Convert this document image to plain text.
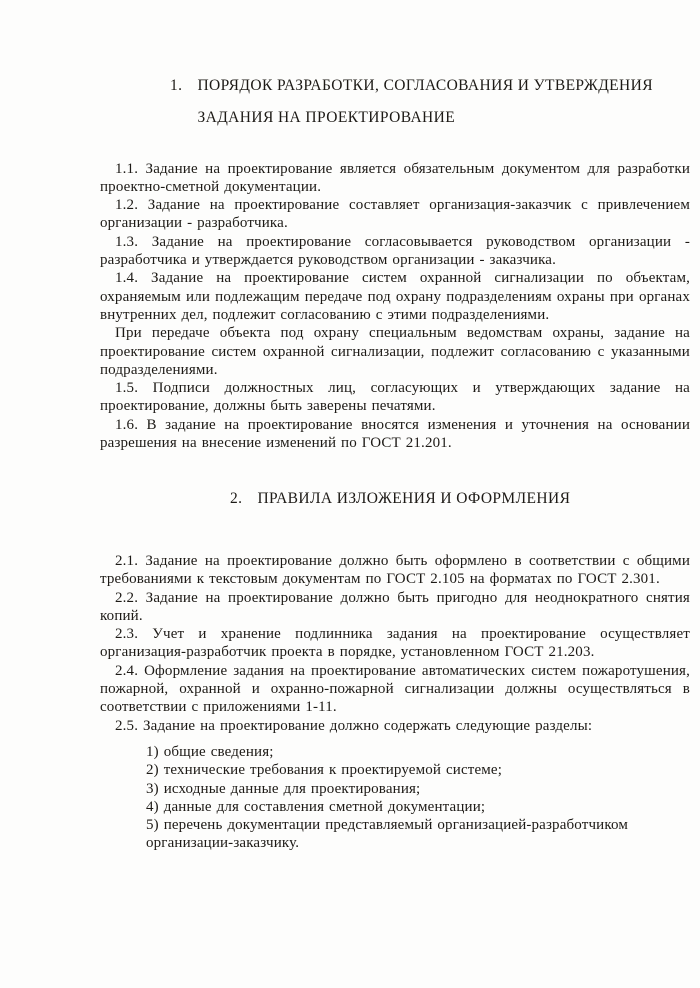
1. ПОРЯДОК РАЗРАБОТКИ, СОГЛАСОВАНИЯ И УТВЕРЖДЕНИЯ
ЗАДАНИЯ НА ПРОЕКТИРОВАНИЕ

1.1. Задание на проектирование является обязательным документом для разработки проектно-сметной документации.

1.2. Задание на проектирование составляет организация-заказчик с привлечением организации - разработчика.

1.3. Задание на проектирование согласовывается руководством организации - разработчика и утверждается руководством организации - заказчика.

1.4. Задание на проектирование систем охранной сигнализации по объектам, охраняемым или подлежащим передаче под охрану подразделениям охраны при органах внутренних дел, подлежит согласованию с этими подразделениями.

При передаче объекта под охрану специальным ведомствам охраны, задание на проектирование систем охранной сигнализации, подлежит согласованию с указанными подразделениями.

1.5. Подписи должностных лиц, согласующих и утверждающих задание на проектирование, должны быть заверены печатями.

1.6. В задание на проектирование вносятся изменения и уточнения на основании разрешения на внесение изменений по ГОСТ 21.201.

2. ПРАВИЛА ИЗЛОЖЕНИЯ И ОФОРМЛЕНИЯ

2.1. Задание на проектирование должно быть оформлено в соответствии с общими требованиями к текстовым документам по ГОСТ 2.105 на форматах по ГОСТ 2.301.

2.2. Задание на проектирование должно быть пригодно для неоднократного снятия копий.

2.3. Учет и хранение подлинника задания на проектирование осуществляет организация-разработчик проекта в порядке, установленном ГОСТ 21.203.

2.4. Оформление задания на проектирование автоматических систем пожаротушения, пожарной, охранной и охранно-пожарной сигнализации должны осуществляться в соответствии с приложениями 1-11.

2.5. Задание на проектирование должно содержать следующие разделы:

1) общие сведения;
2) технические требования к проектируемой системе;
3) исходные данные для проектирования;
4) данные для составления сметной документации;
5) перечень документации представляемый организацией-разработчиком организации-заказчику.
